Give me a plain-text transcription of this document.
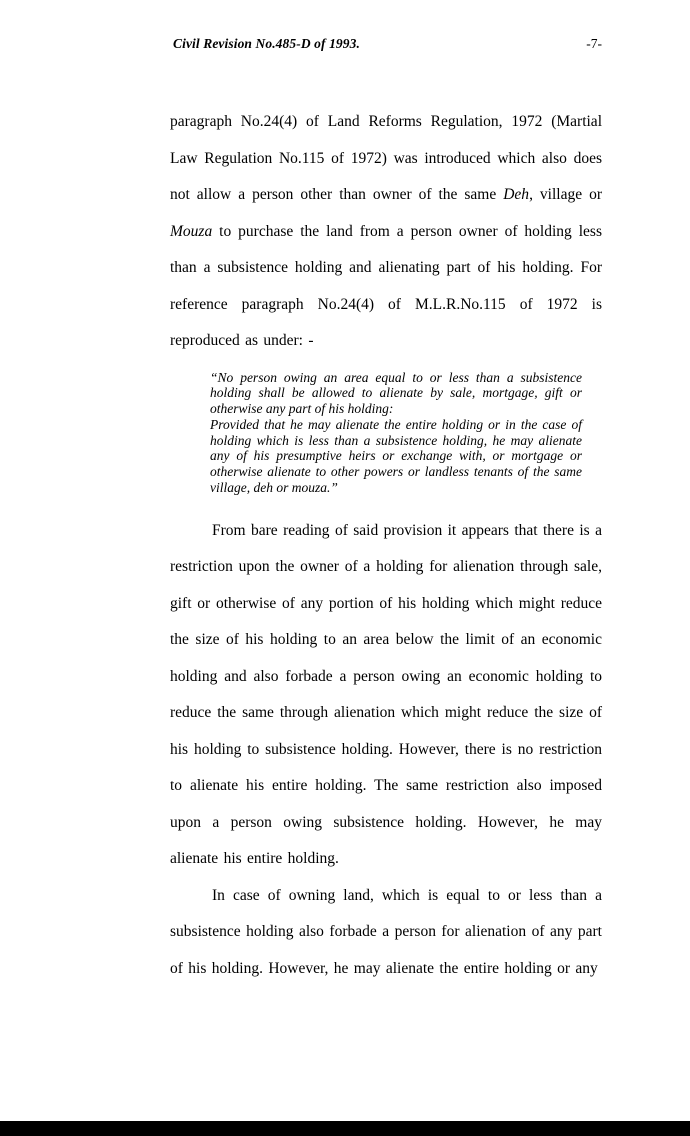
Civil Revision No.485-D of 1993.	-7-

paragraph No.24(4) of Land Reforms Regulation, 1972 (Martial Law Regulation No.115 of 1972) was introduced which also does not allow a person other than owner of the same Deh, village or Mouza to purchase the land from a person owner of holding less than a subsistence holding and alienating part of his holding. For reference paragraph No.24(4) of M.L.R.No.115 of 1972 is reproduced as under: -

“No person owing an area equal to or less than a subsistence holding shall be allowed to alienate by sale, mortgage, gift or otherwise any part of his holding:
Provided that he may alienate the entire holding or in the case of holding which is less than a subsistence holding, he may alienate any of his presumptive heirs or exchange with, or mortgage or otherwise alienate to other powers or landless tenants of the same village, deh or mouza.”

From bare reading of said provision it appears that there is a restriction upon the owner of a holding for alienation through sale, gift or otherwise of any portion of his holding which might reduce the size of his holding to an area below the limit of an economic holding and also forbade a person owing an economic holding to reduce the same through alienation which might reduce the size of his holding to subsistence holding. However, there is no restriction to alienate his entire holding. The same restriction also imposed upon a person owing subsistence holding. However, he may alienate his entire holding.

In case of owning land, which is equal to or less than a subsistence holding also forbade a person for alienation of any part of his holding. However, he may alienate the entire holding or any
